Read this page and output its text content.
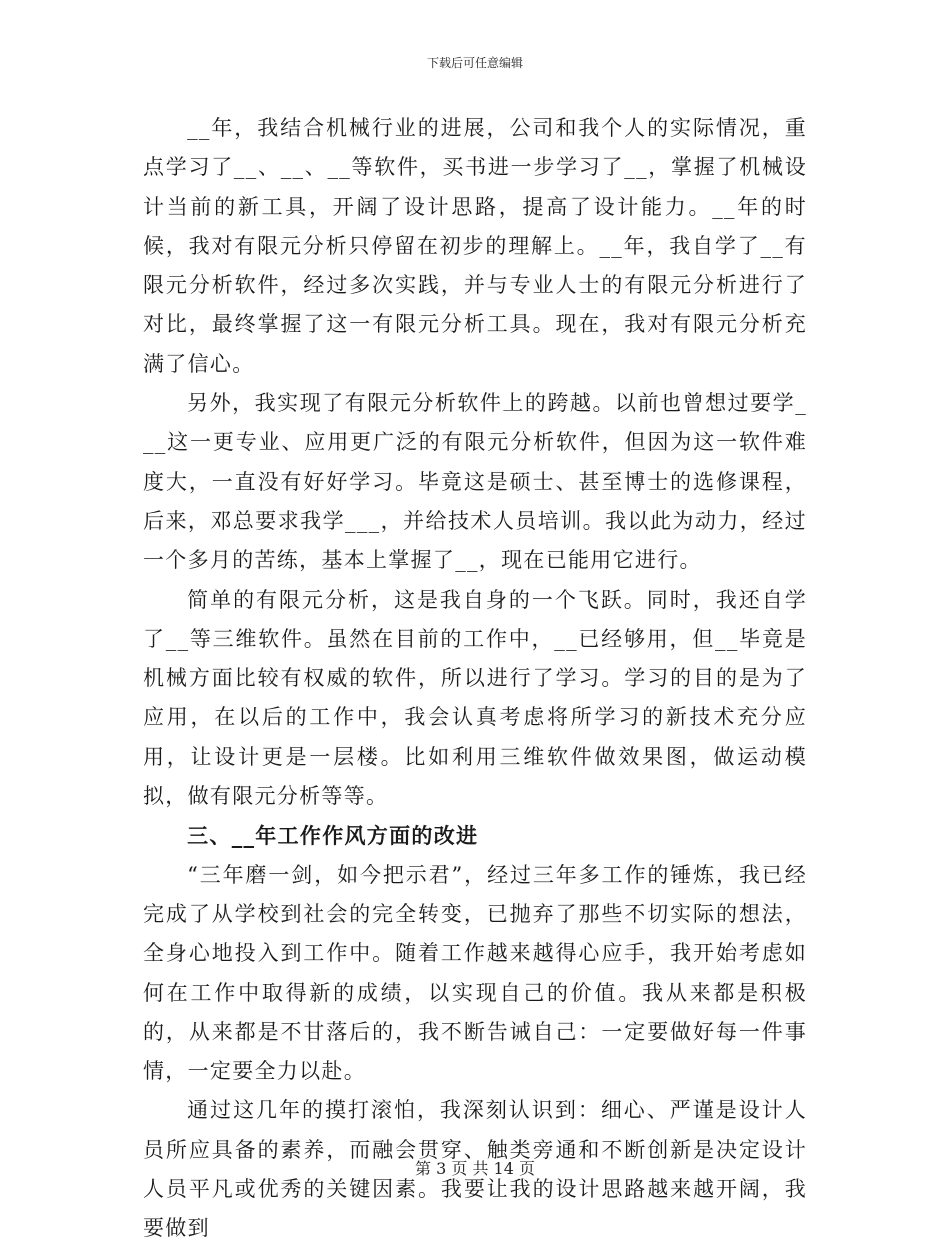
下载后可任意编辑

__年，我结合机械行业的进展，公司和我个人的实际情况，重点学习了__、__、__等软件，买书进一步学习了__，掌握了机械设计当前的新工具，开阔了设计思路，提高了设计能力。__年的时候，我对有限元分析只停留在初步的理解上。__年，我自学了__有限元分析软件，经过多次实践，并与专业人士的有限元分析进行了对比，最终掌握了这一有限元分析工具。现在，我对有限元分析充满了信心。

另外，我实现了有限元分析软件上的跨越。以前也曾想过要学___这一更专业、应用更广泛的有限元分析软件，但因为这一软件难度大，一直没有好好学习。毕竟这是硕士、甚至博士的选修课程，后来，邓总要求我学___，并给技术人员培训。我以此为动力，经过一个多月的苦练，基本上掌握了__，现在已能用它进行。

简单的有限元分析，这是我自身的一个飞跃。同时，我还自学了__等三维软件。虽然在目前的工作中，__已经够用，但__毕竟是机械方面比较有权威的软件，所以进行了学习。学习的目的是为了应用，在以后的工作中，我会认真考虑将所学习的新技术充分应用，让设计更是一层楼。比如利用三维软件做效果图，做运动模拟，做有限元分析等等。

三、__年工作作风方面的改进

“三年磨一剑，如今把示君”，经过三年多工作的锤炼，我已经完成了从学校到社会的完全转变，已抛弃了那些不切实际的想法，全身心地投入到工作中。随着工作越来越得心应手，我开始考虑如何在工作中取得新的成绩，以实现自己的价值。我从来都是积极的，从来都是不甘落后的，我不断告诫自己：一定要做好每一件事情，一定要全力以赴。

通过这几年的摸打滚怕，我深刻认识到：细心、严谨是设计人员所应具备的素养，而融会贯穿、触类旁通和不断创新是决定设计人员平凡或优秀的关键因素。我要让我的设计思路越来越开阔，我要做到

第 3 页 共 14 页
